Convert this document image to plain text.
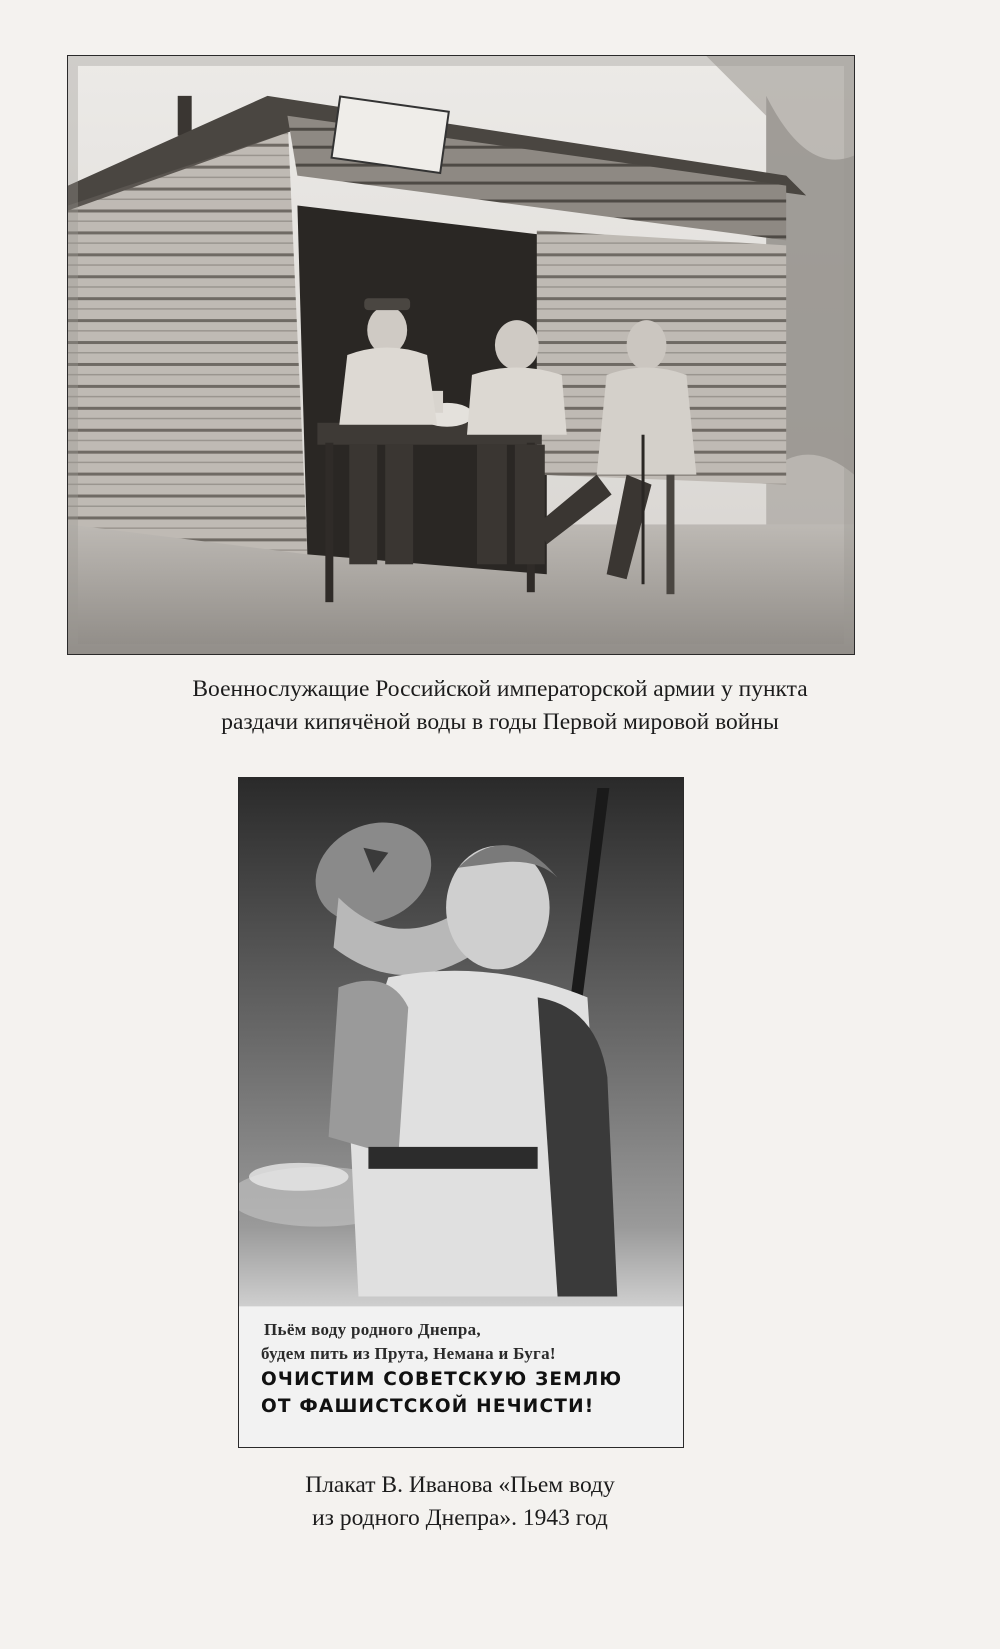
Военнослужащие Российской императорской армии у пункта
раздачи кипячёной воды в годы Первой мировой войны
Пьём воду родного Днепра,
будем пить из Прута, Немана и Буга!
ОЧИСТИМ СОВЕТСКУЮ ЗЕМЛЮ
ОТ ФАШИСТСКОЙ НЕЧИСТИ!
Плакат В. Иванова «Пьем воду
из родного Днепра». 1943 год
